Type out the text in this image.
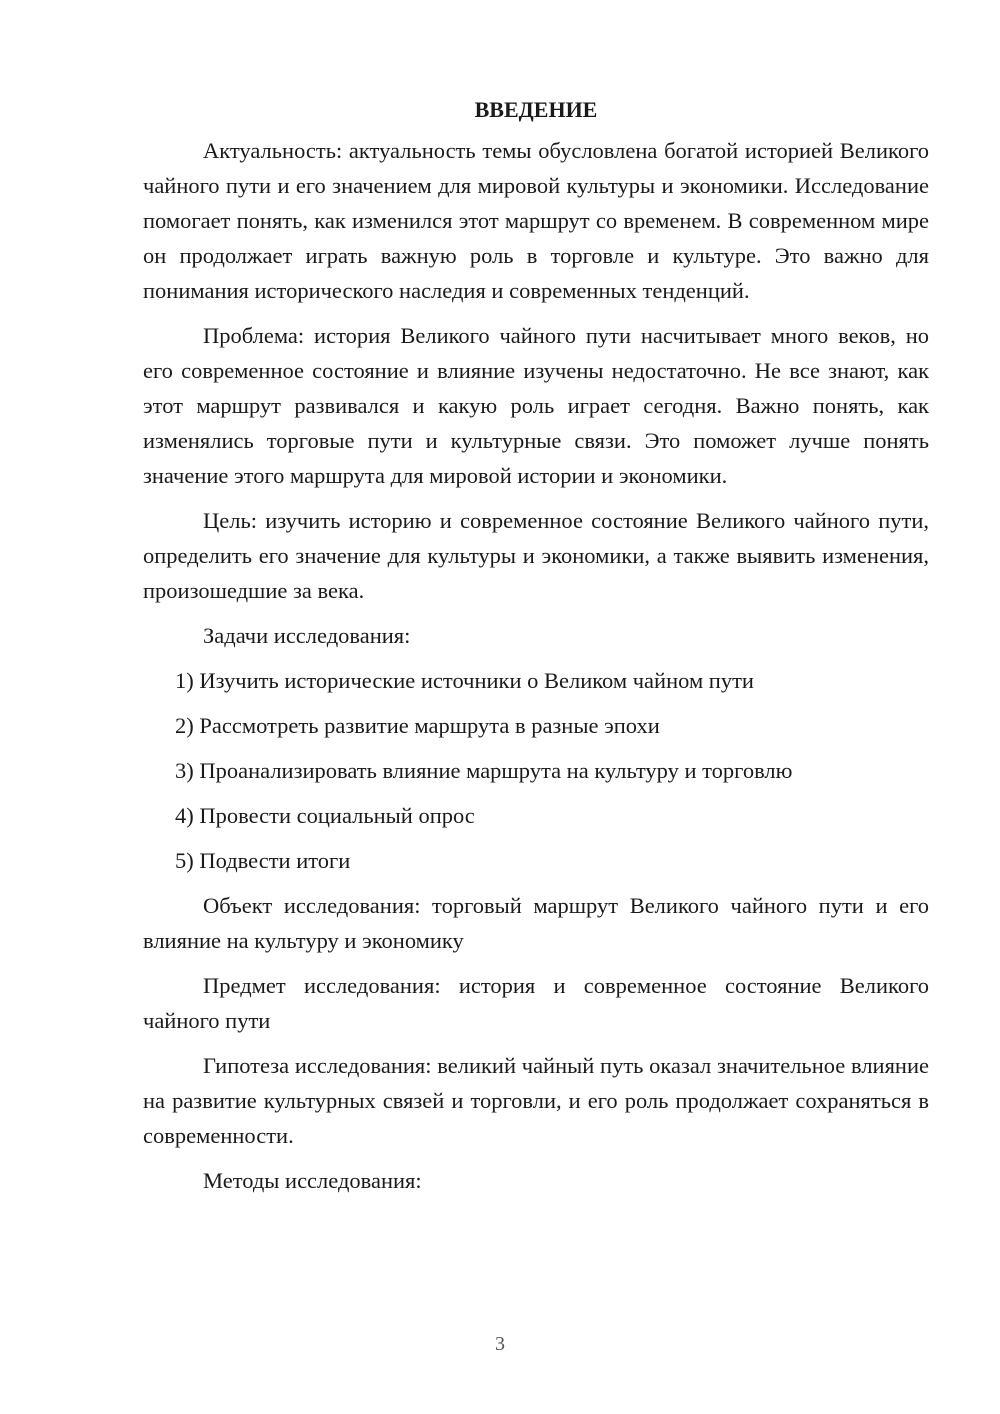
ВВЕДЕНИЕ

Актуальность: актуальность темы обусловлена богатой историей Великого чайного пути и его значением для мировой культуры и экономики. Исследование помогает понять, как изменился этот маршрут со временем. В современном мире он продолжает играть важную роль в торговле и культуре. Это важно для понимания исторического наследия и современных тенденций.

Проблема: история Великого чайного пути насчитывает много веков, но его современное состояние и влияние изучены недостаточно. Не все знают, как этот маршрут развивался и какую роль играет сегодня. Важно понять, как изменялись торговые пути и культурные связи. Это поможет лучше понять значение этого маршрута для мировой истории и экономики.

Цель: изучить историю и современное состояние Великого чайного пути, определить его значение для культуры и экономики, а также выявить изменения, произошедшие за века.

Задачи исследования:

1) Изучить исторические источники о Великом чайном пути
2) Рассмотреть развитие маршрута в разные эпохи
3) Проанализировать влияние маршрута на культуру и торговлю
4) Провести социальный опрос
5) Подвести итоги

Объект исследования: торговый маршрут Великого чайного пути и его влияние на культуру и экономику

Предмет исследования: история и современное состояние Великого чайного пути

Гипотеза исследования: великий чайный путь оказал значительное влияние на развитие культурных связей и торговли, и его роль продолжает сохраняться в современности.

Методы исследования:

3
